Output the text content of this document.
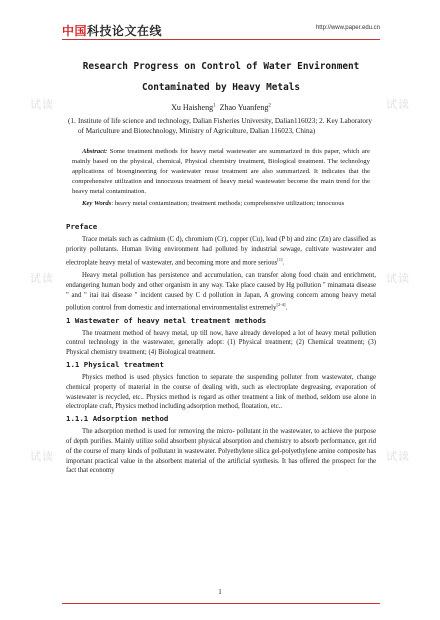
中国科技论文在线	http://www.paper.edu.cn
试读	试读
试读	试读
试读	试读

Research Progress on Control of Water Environment
Contaminated by Heavy Metals

Xu Haisheng$^1$ Zhao Yuanfeng$^2$
(1. Institute of life science and technology, Dalian Fisheries University, Dalian116023; 2. Key Laboratory of Mariculture and Biotechnology, Ministry of Agriculture, Dalian 116023, China)
Abstract: Some treatment methods for heavy metal wastewater are summarized in this paper, which are mainly based on the physical, chemical, Physical chemistry treatment, Biological treatment. The technology applications of bioengineering for wastewater reuse treatment are also summarized. It indicates that the comprehensive utilization and innocuous treatment of heavy metal wastewater become the main trend for the heavy metal contamination.
Key Words: heavy metal contamination; treatment methods; comprehensive utilization; innocuous
Preface
Trace metals such as cadmium (C d), chromium (Cr), copper (Cu), lead (P b) and zinc (Zn) are classified as priority pollutants. Human living environment had polluted by industrial sewage, cultivate wastewater and electroplate heavy metal of wastewater, and becoming more and more serious[1].
Heavy metal pollution has persistence and accumulation, can transfer along food chain and enrichment, endangering human body and other organism in any way. Take place caused by Hg pollution " minamata disease " and " itai itai disease " incident caused by C d pollution in Japan, A growing concern among heavy metal pollution control from domestic and international environmentalist extremely[2-4].
1 Wastewater of heavy metal treatment methods
The treatment method of heavy metal, up till now, have already developed a lot of heavy metal pollution control technology in the wastewater, generally adopt: (1) Physical treatment; (2) Chemical treatment; (3) Physical chemistry treatment; (4) Biological treatment.
1.1 Physical treatment
Physics method is used physics function to separate the suspending polluter from wastewater, change chemical property of material in the course of dealing with, such as electroplate degreasing, evaporation of wastewater is recycled, etc.. Physics method is regard as other treatment a link of method, seldom use alone in electroplate craft, Physics method including adsorption method, floatation, etc..
1.1.1 Adsorption method
The adsorption method is used for removing the micro- pollutant in the wastewater, to achieve the purpose of depth purifies. Mainly utilize solid absorbent physical absorption and chemistry to absorb performance, get rid of the course of many kinds of pollutant in wastewater. Polyethylene silica gel-polyethylene amine composite has important practical value in the absorbent material of the artificial synthesis. It has offered the prospect for the fact that economy
1
